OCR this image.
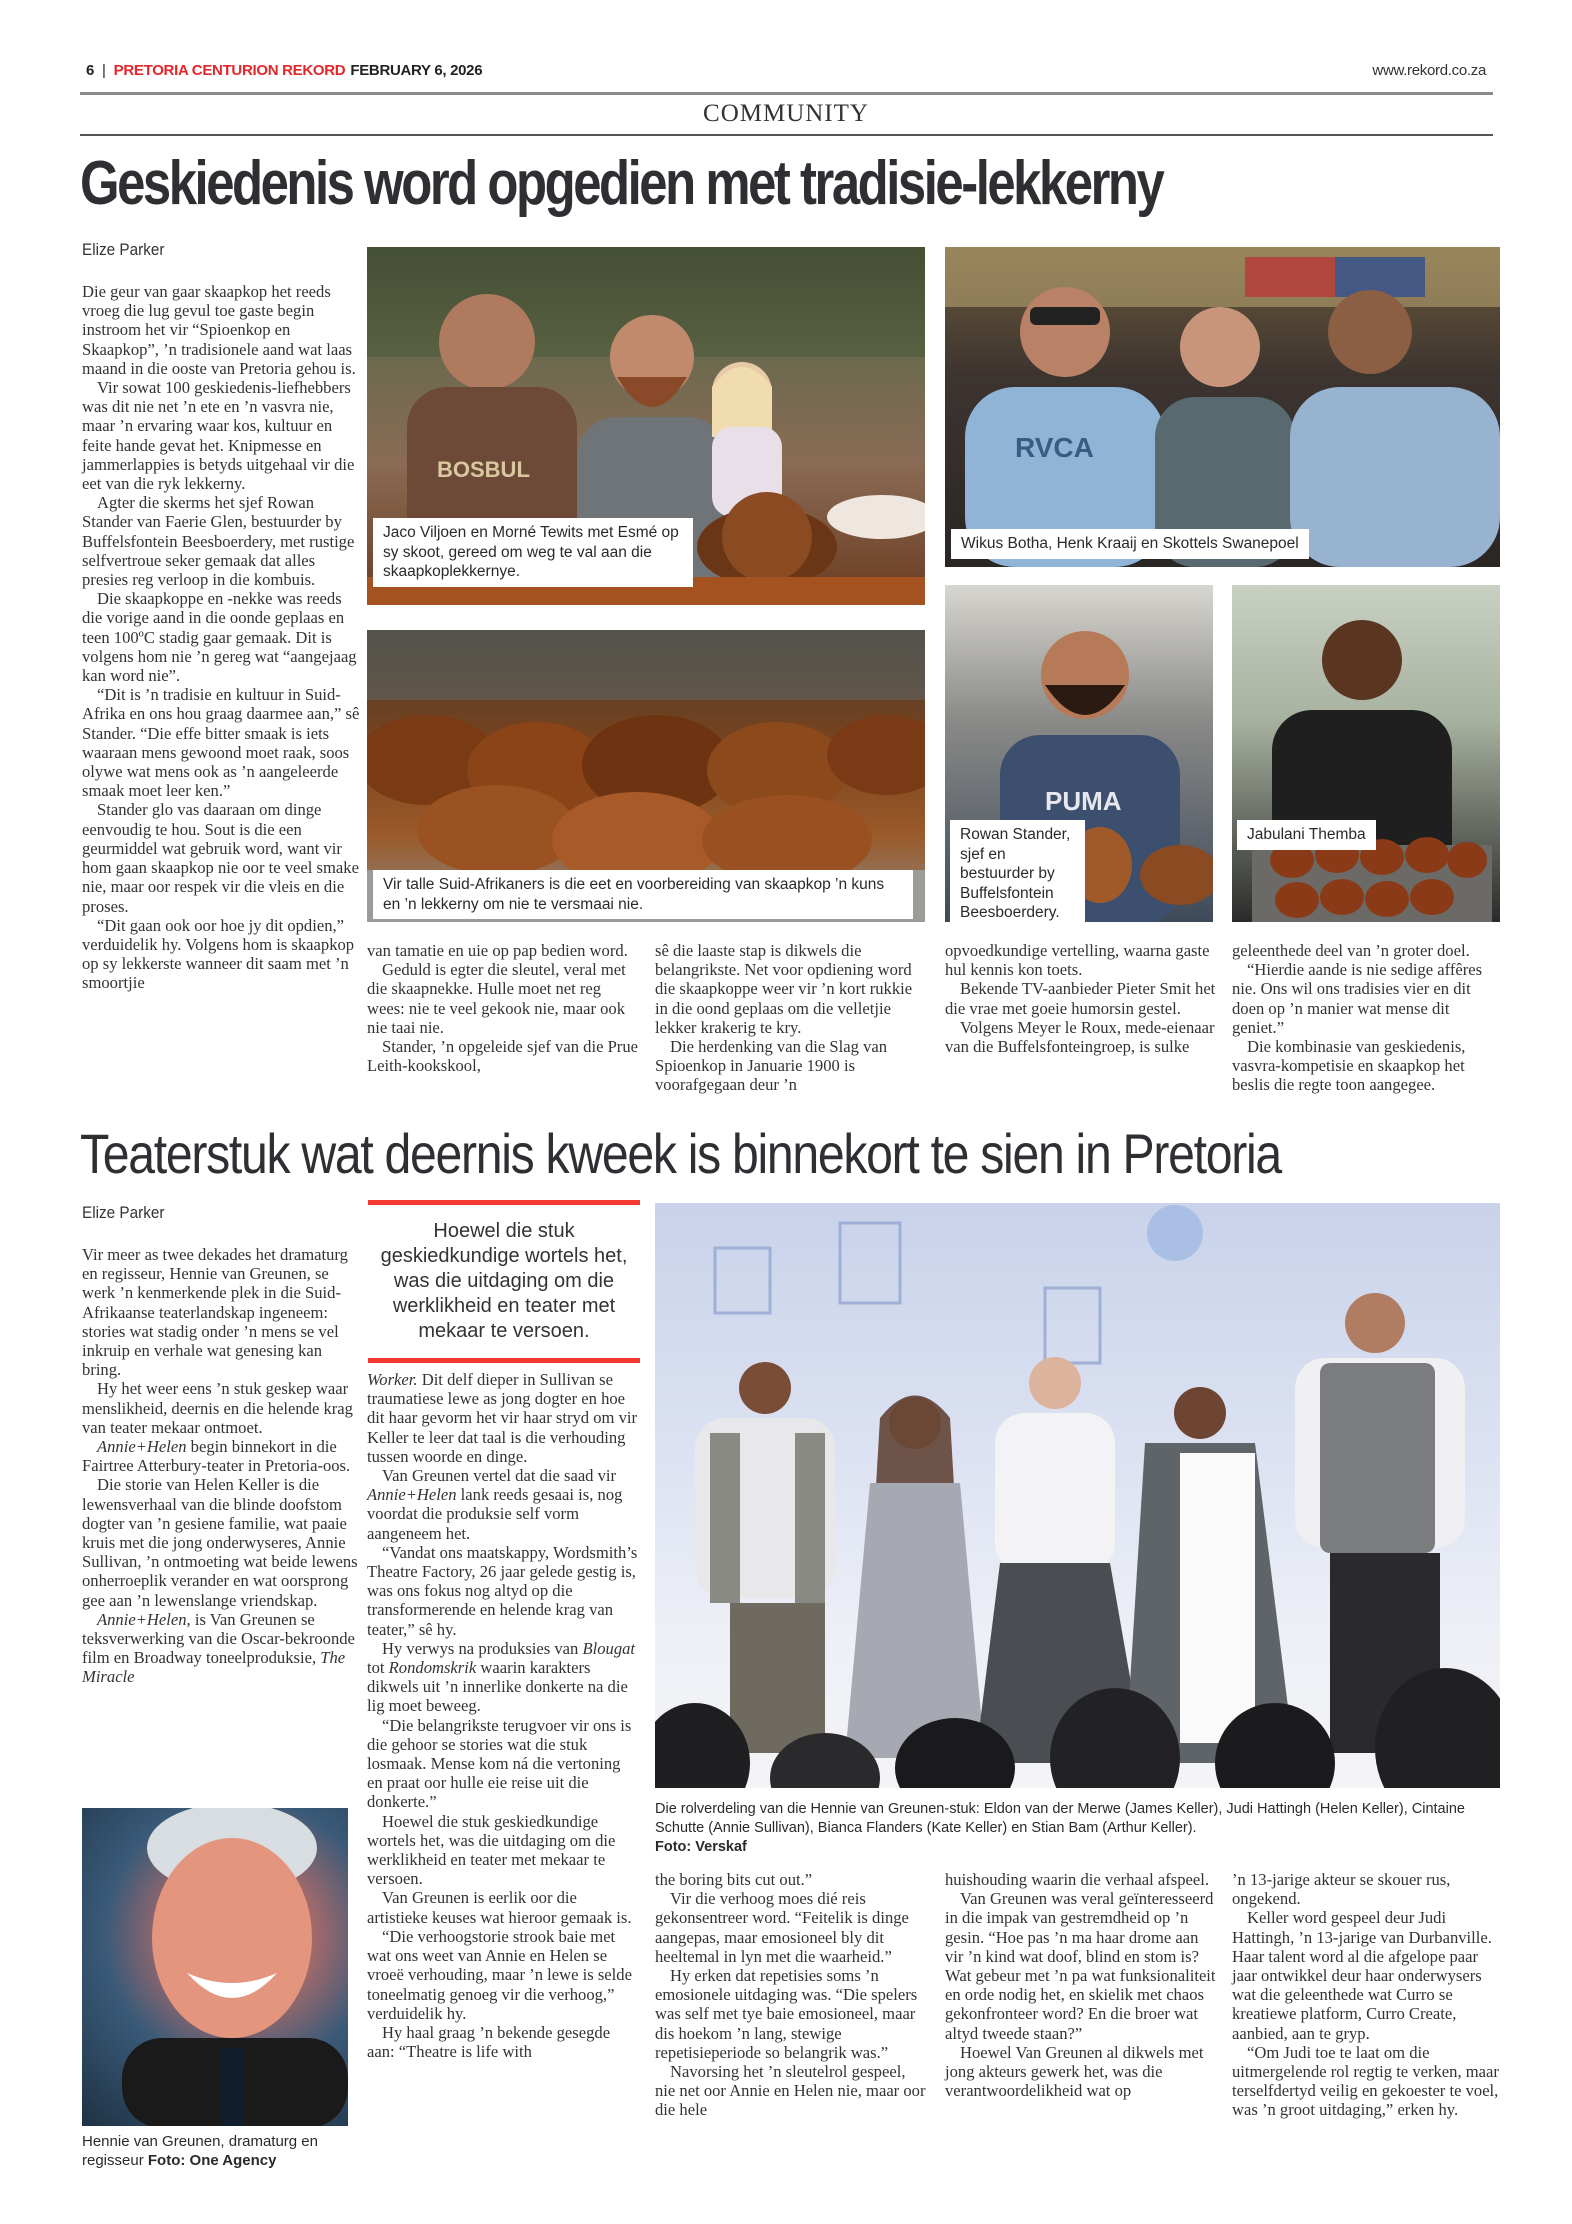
6 | PRETORIA CENTURION REKORD FEBRUARY 6, 2026	www.rekord.co.za
COMMUNITY
Geskiedenis word opgedien met tradisie-lekkerny
Elize Parker

Die geur van gaar skaapkop het reeds vroeg die lug gevul toe gaste begin instroom het vir “Spioenkop en Skaapkop”, ’n tradisionele aand wat laas maand in die ooste van Pretoria gehou is.

Vir sowat 100 geskiedenis-liefhebbers was dit nie net ’n ete en ’n vasvra nie, maar ’n ervaring waar kos, kultuur en feite hande gevat het. Knipmesse en jammerlappies is betyds uitgehaal vir die eet van die ryk lekkerny.

Agter die skerms het sjef Rowan Stander van Faerie Glen, bestuurder by Buffelsfontein Beesboerdery, met rustige selfvertroue seker gemaak dat alles presies reg verloop in die kombuis.

Die skaapkoppe en -nekke was reeds die vorige aand in die oonde geplaas en teen 100ºC stadig gaar gemaak. Dit is volgens hom nie ’n gereg wat “aangejaag kan word nie”.

“Dit is ’n tradisie en kultuur in Suid-Afrika en ons hou graag daarmee aan,” sê Stander. “Die effe bitter smaak is iets waaraan mens gewoond moet raak, soos olywe wat mens ook as ’n aangeleerde smaak moet leer ken.”

Stander glo vas daaraan om dinge eenvoudig te hou. Sout is die een geurmiddel wat gebruik word, want vir hom gaan skaapkop nie oor te veel smake nie, maar oor respek vir die vleis en die proses.

“Dit gaan ook oor hoe jy dit opdien,” verduidelik hy. Volgens hom is skaapkop op sy lekkerste wanneer dit saam met ’n smoortjie

BOSBUL
Jaco Viljoen en Morné Tewits met Esmé op sy skoot, gereed om weg te val aan die skaapkoplekkernye.
RVCA
Wikus Botha, Henk Kraaij en Skottels Swanepoel
Vir talle Suid-Afrikaners is die eet en voorbereiding van skaapkop ’n kuns en ’n lekkerny om nie te versmaai nie.
PUMA
Rowan Stander, sjef en bestuurder by Buffelsfontein Beesboerdery.
Jabulani Themba

van tamatie en uie op pap bedien word.

Geduld is egter die sleutel, veral met die skaapnekke. Hulle moet net reg wees: nie te veel gekook nie, maar ook nie taai nie.

Stander, ’n opgeleide sjef van die Prue Leith-kookskool,

sê die laaste stap is dikwels die belangrikste. Net voor opdiening word die skaapkoppe weer vir ’n kort rukkie in die oond geplaas om die velletjie lekker krakerig te kry.

Die herdenking van die Slag van Spioenkop in Januarie 1900 is voorafgegaan deur ’n

opvoedkundige vertelling, waarna gaste hul kennis kon toets.

Bekende TV-aanbieder Pieter Smit het die vrae met goeie humorsin gestel.

Volgens Meyer le Roux, mede-eienaar van die Buffelsfonteingroep, is sulke

geleenthede deel van ’n groter doel.

“Hierdie aande is nie sedige affêres nie. Ons wil ons tradisies vier en dit doen op ’n manier wat mense dit geniet.”

Die kombinasie van geskiedenis, vasvra-kompetisie en skaapkop het beslis die regte toon aangegee.

Teaterstuk wat deernis kweek is binnekort te sien in Pretoria
Elize Parker

Vir meer as twee dekades het dramaturg en regisseur, Hennie van Greunen, se werk ’n kenmerkende plek in die Suid-Afrikaanse teaterlandskap ingeneem: stories wat stadig onder ’n mens se vel inkruip en verhale wat genesing kan bring.

Hy het weer eens ’n stuk geskep waar menslikheid, deernis en die helende krag van teater mekaar ontmoet.

Annie+Helen begin binnekort in die Fairtree Atterbury-teater in Pretoria-oos.

Die storie van Helen Keller is die lewensverhaal van die blinde doofstom dogter van ’n gesiene familie, wat paaie kruis met die jong onderwyseres, Annie Sullivan, ’n ontmoeting wat beide lewens onherroeplik verander en wat oorsprong gee aan ’n lewenslange vriendskap.

Annie+Helen, is Van Greunen se teksverwerking van die Oscar-bekroonde film en Broadway toneelproduksie, The Miracle

Hennie van Greunen, dramaturg en regisseur Foto: One Agency
Hoewel die stuk geskiedkundige wortels het, was die uitdaging om die werklikheid en teater met mekaar te versoen.

Worker. Dit delf dieper in Sullivan se traumatiese lewe as jong dogter en hoe dit haar gevorm het vir haar stryd om vir Keller te leer dat taal is die verhouding tussen woorde en dinge.

Van Greunen vertel dat die saad vir Annie+Helen lank reeds gesaai is, nog voordat die produksie self vorm aangeneem het.

“Vandat ons maatskappy, Wordsmith’s Theatre Factory, 26 jaar gelede gestig is, was ons fokus nog altyd op die transformerende en helende krag van teater,” sê hy.

Hy verwys na produksies van Blougat tot Rondomskrik waarin karakters dikwels uit ’n innerlike donkerte na die lig moet beweeg.

“Die belangrikste terugvoer vir ons is die gehoor se stories wat die stuk losmaak. Mense kom ná die vertoning en praat oor hulle eie reise uit die donkerte.”

Hoewel die stuk geskiedkundige wortels het, was die uitdaging om die werklikheid en teater met mekaar te versoen.

Van Greunen is eerlik oor die artistieke keuses wat hieroor gemaak is.

“Die verhoogstorie strook baie met wat ons weet van Annie en Helen se vroeë verhouding, maar ’n lewe is selde toneelmatig genoeg vir die verhoog,” verduidelik hy.

Hy haal graag ’n bekende gesegde aan: “Theatre is life with

Die rolverdeling van die Hennie van Greunen-stuk: Eldon van der Merwe (James Keller), Judi Hattingh (Helen Keller), Cintaine Schutte (Annie Sullivan), Bianca Flanders (Kate Keller) en Stian Bam (Arthur Keller).
Foto: Verskaf

the boring bits cut out.”

Vir die verhoog moes dié reis gekonsentreer word. “Feitelik is dinge aangepas, maar emosioneel bly dit heeltemal in lyn met die waarheid.”

Hy erken dat repetisies soms ’n emosionele uitdaging was. “Die spelers was self met tye baie emosioneel, maar dis hoekom ’n lang, stewige repetisieperiode so belangrik was.”

Navorsing het ’n sleutelrol gespeel, nie net oor Annie en Helen nie, maar oor die hele

huishouding waarin die verhaal afspeel.

Van Greunen was veral geïnteresseerd in die impak van gestremdheid op ’n gesin. “Hoe pas ’n ma haar drome aan vir ’n kind wat doof, blind en stom is? Wat gebeur met ’n pa wat funksionaliteit en orde nodig het, en skielik met chaos gekonfronteer word? En die broer wat altyd tweede staan?”

Hoewel Van Greunen al dikwels met jong akteurs gewerk het, was die verantwoordelikheid wat op

’n 13-jarige akteur se skouer rus, ongekend.

Keller word gespeel deur Judi Hattingh, ’n 13-jarige van Durbanville. Haar talent word al die afgelope paar jaar ontwikkel deur haar onderwysers wat die geleenthede wat Curro se kreatiewe platform, Curro Create, aanbied, aan te gryp.

“Om Judi toe te laat om die uitmergelende rol regtig te verken, maar terselfdertyd veilig en gekoester te voel, was ’n groot uitdaging,” erken hy.
